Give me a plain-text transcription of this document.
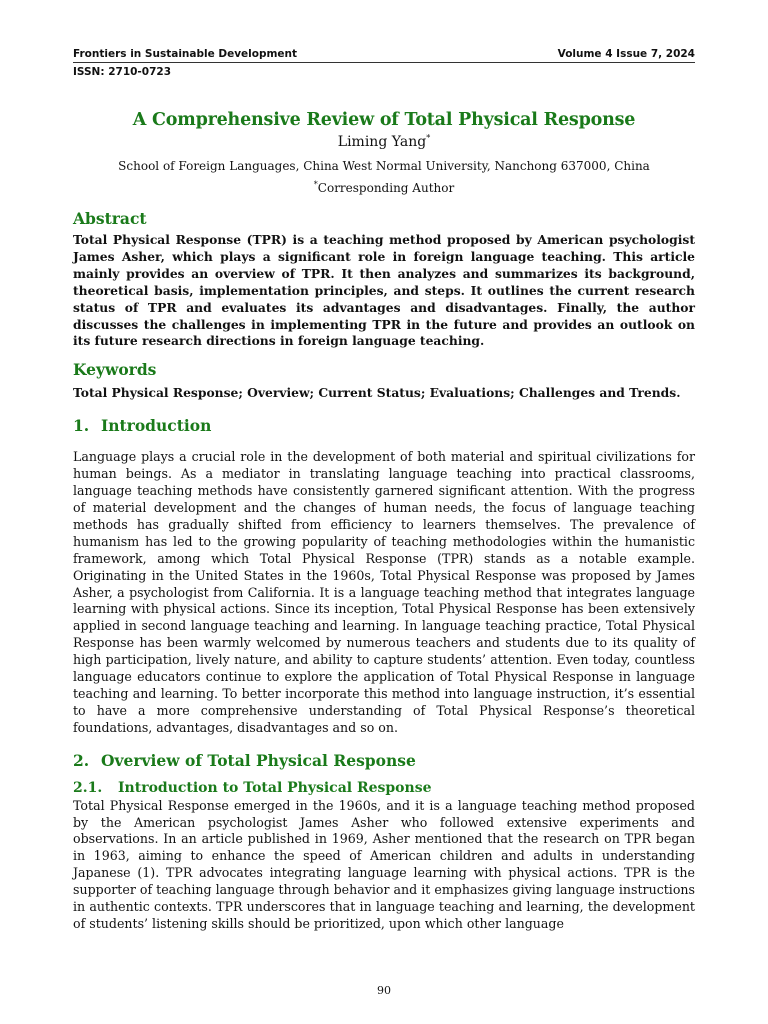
Frontiers in Sustainable Development	Volume 4 Issue 7, 2024
ISSN: 2710-0723
A Comprehensive Review of Total Physical Response
Liming Yang*
School of Foreign Languages, China West Normal University, Nanchong 637000, China
*Corresponding Author
Abstract

Total Physical Response (TPR) is a teaching method proposed by American psychologist James Asher, which plays a significant role in foreign language teaching. This article mainly provides an overview of TPR. It then analyzes and summarizes its background, theoretical basis, implementation principles, and steps. It outlines the current research status of TPR and evaluates its advantages and disadvantages. Finally, the author discusses the challenges in implementing TPR in the future and provides an outlook on its future research directions in foreign language teaching.

Keywords

Total Physical Response; Overview; Current Status; Evaluations; Challenges and Trends.

1. Introduction

Language plays a crucial role in the development of both material and spiritual civilizations for human beings. As a mediator in translating language teaching into practical classrooms, language teaching methods have consistently garnered significant attention. With the progress of material development and the changes of human needs, the focus of language teaching methods has gradually shifted from efficiency to learners themselves. The prevalence of humanism has led to the growing popularity of teaching methodologies within the humanistic framework, among which Total Physical Response (TPR) stands as a notable example. Originating in the United States in the 1960s, Total Physical Response was proposed by James Asher, a psychologist from California. It is a language teaching method that integrates language learning with physical actions. Since its inception, Total Physical Response has been extensively applied in second language teaching and learning. In language teaching practice, Total Physical Response has been warmly welcomed by numerous teachers and students due to its quality of high participation, lively nature, and ability to capture students’ attention. Even today, countless language educators continue to explore the application of Total Physical Response in language teaching and learning. To better incorporate this method into language instruction, it’s essential to have a more comprehensive understanding of Total Physical Response’s theoretical foundations, advantages, disadvantages and so on.

2. Overview of Total Physical Response
2.1. Introduction to Total Physical Response

Total Physical Response emerged in the 1960s, and it is a language teaching method proposed by the American psychologist James Asher who followed extensive experiments and observations. In an article published in 1969, Asher mentioned that the research on TPR began in 1963, aiming to enhance the speed of American children and adults in understanding Japanese (1). TPR advocates integrating language learning with physical actions. TPR is the supporter of teaching language through behavior and it emphasizes giving language instructions in authentic contexts. TPR underscores that in language teaching and learning, the development of students’ listening skills should be prioritized, upon which other language

90
